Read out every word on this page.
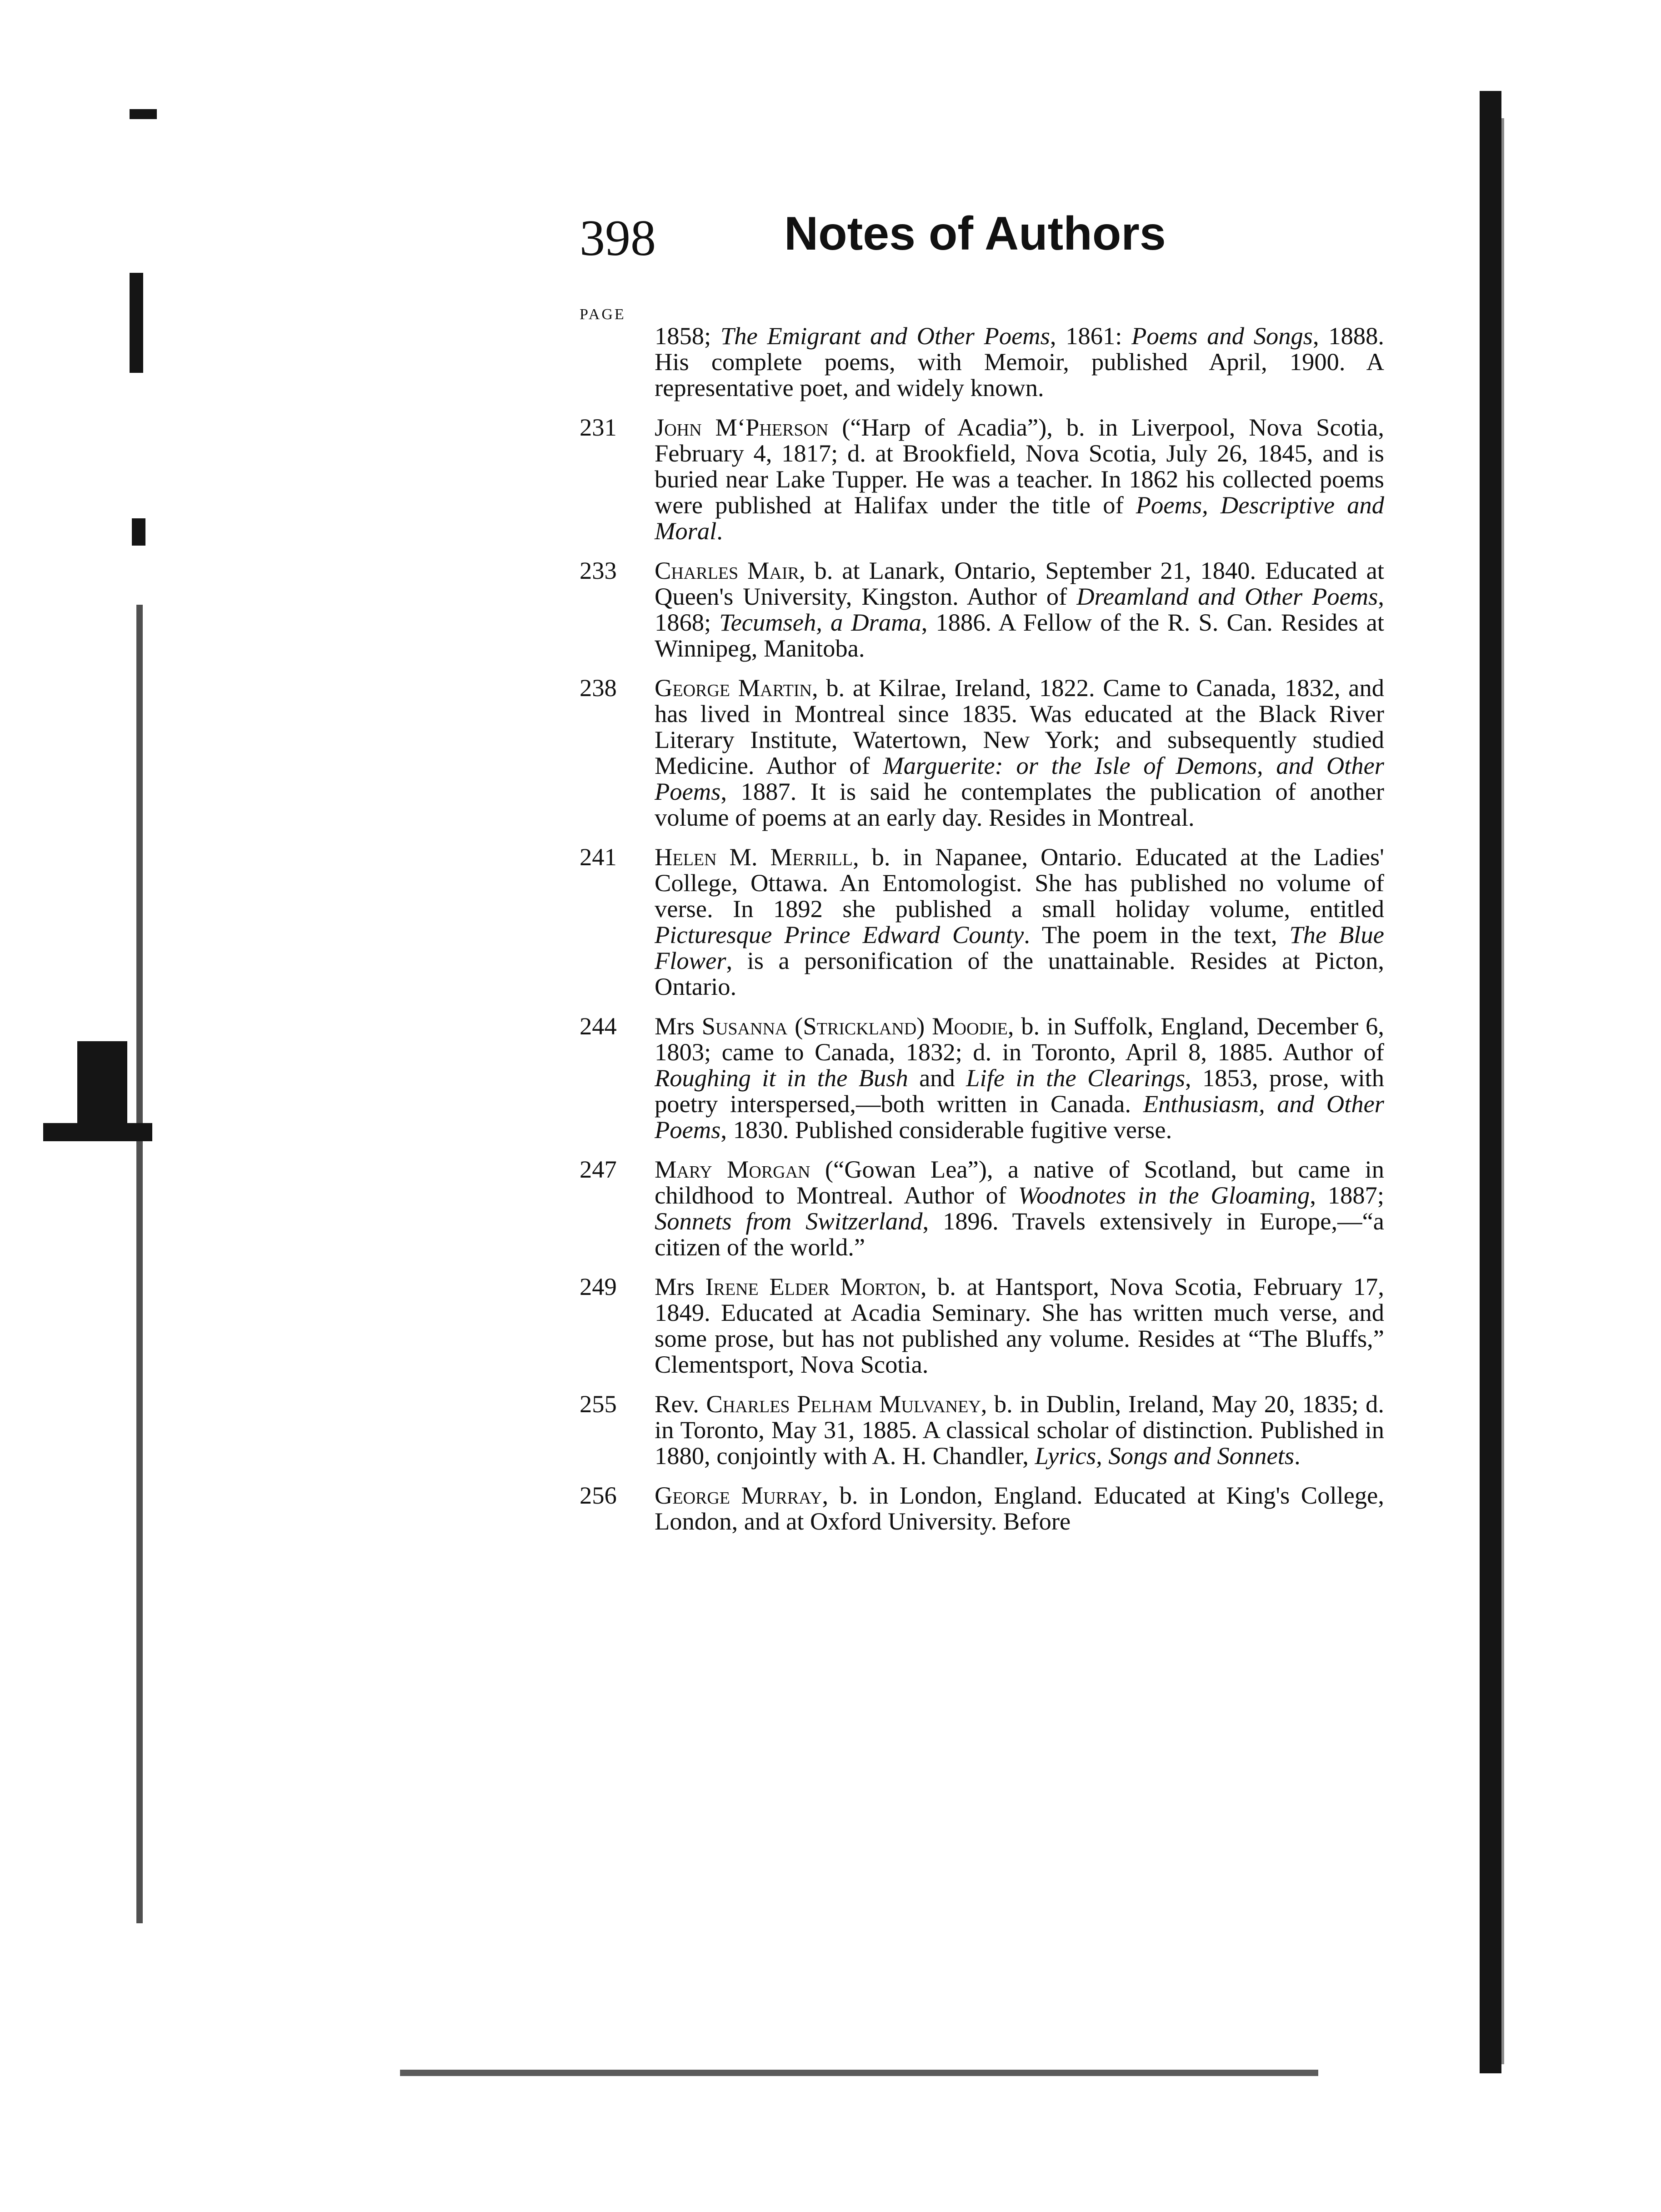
398	Notes of Authors
PAGE
1858; The Emigrant and Other Poems, 1861: Poems and Songs, 1888. His complete poems, with Memoir, published April, 1900. A representative poet, and widely known.
231 John M‘Pherson (“Harp of Acadia”), b. in Liverpool, Nova Scotia, February 4, 1817; d. at Brookfield, Nova Scotia, July 26, 1845, and is buried near Lake Tupper. He was a teacher. In 1862 his collected poems were published at Halifax under the title of Poems, Descriptive and Moral.
233 Charles Mair, b. at Lanark, Ontario, September 21, 1840. Educated at Queen's University, Kingston. Author of Dreamland and Other Poems, 1868; Tecumseh, a Drama, 1886. A Fellow of the R. S. Can. Resides at Winnipeg, Manitoba.
238 George Martin, b. at Kilrae, Ireland, 1822. Came to Canada, 1832, and has lived in Montreal since 1835. Was educated at the Black River Literary Institute, Watertown, New York; and subsequently studied Medicine. Author of Marguerite: or the Isle of Demons, and Other Poems, 1887. It is said he contemplates the publication of another volume of poems at an early day. Resides in Montreal.
241 Helen M. Merrill, b. in Napanee, Ontario. Educated at the Ladies' College, Ottawa. An Entomologist. She has published no volume of verse. In 1892 she published a small holiday volume, entitled Picturesque Prince Edward County. The poem in the text, The Blue Flower, is a personification of the unattainable. Resides at Picton, Ontario.
244 Mrs Susanna (Strickland) Moodie, b. in Suffolk, England, December 6, 1803; came to Canada, 1832; d. in Toronto, April 8, 1885. Author of Roughing it in the Bush and Life in the Clearings, 1853, prose, with poetry interspersed,—both written in Canada. Enthusiasm, and Other Poems, 1830. Published considerable fugitive verse.
247 Mary Morgan (“Gowan Lea”), a native of Scotland, but came in childhood to Montreal. Author of Woodnotes in the Gloaming, 1887; Sonnets from Switzerland, 1896. Travels extensively in Europe,—“a citizen of the world.”
249 Mrs Irene Elder Morton, b. at Hantsport, Nova Scotia, February 17, 1849. Educated at Acadia Seminary. She has written much verse, and some prose, but has not published any volume. Resides at “The Bluffs,” Clementsport, Nova Scotia.
255 Rev. Charles Pelham Mulvaney, b. in Dublin, Ireland, May 20, 1835; d. in Toronto, May 31, 1885. A classical scholar of distinction. Published in 1880, conjointly with A. H. Chandler, Lyrics, Songs and Sonnets.
256 George Murray, b. in London, England. Educated at King's College, London, and at Oxford University. Before
